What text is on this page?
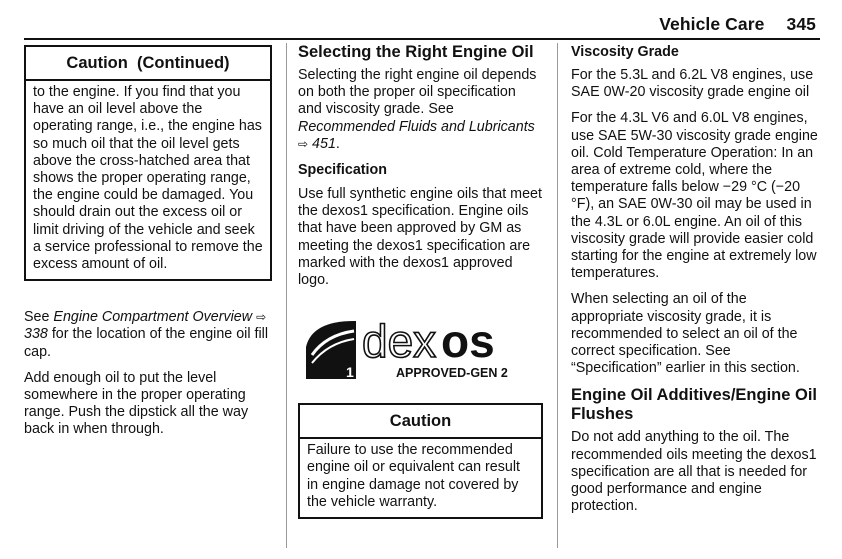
Vehicle Care 345
Caution  (Continued)
to the engine. If you find that you have an oil level above the operating range, i.e., the engine has so much oil that the oil level gets above the cross-hatched area that shows the proper operating range, the engine could be damaged. You should drain out the excess oil or limit driving of the vehicle and seek a service professional to remove the excess amount of oil.

See Engine Compartment Overview ⇨ 338 for the location of the engine oil fill cap.

Add enough oil to put the level somewhere in the proper operating range. Push the dipstick all the way back in when through.

Selecting the Right Engine Oil

Selecting the right engine oil depends on both the proper oil specification and viscosity grade. See Recommended Fluids and Lubricants ⇨ 451.

Specification

Use full synthetic engine oils that meet the dexos1 specification. Engine oils that have been approved by GM as meeting the dexos1 specification are marked with the dexos1 approved logo.

1
dex os
APPROVED-GEN 2
Caution
Failure to use the recommended engine oil or equivalent can result in engine damage not covered by the vehicle warranty.
Viscosity Grade

For the 5.3L and 6.2L V8 engines, use SAE 0W-20 viscosity grade engine oil

For the 4.3L V6 and 6.0L V8 engines, use SAE 5W-30 viscosity grade engine oil. Cold Temperature Operation: In an area of extreme cold, where the temperature falls below −29 °C (−20 °F), an SAE 0W-30 oil may be used in the 4.3L or 6.0L engine. An oil of this viscosity grade will provide easier cold starting for the engine at extremely low temperatures.

When selecting an oil of the appropriate viscosity grade, it is recommended to select an oil of the correct specification. See “Specification” earlier in this section.

Engine Oil Additives/Engine Oil Flushes

Do not add anything to the oil. The recommended oils meeting the dexos1 specification are all that is needed for good performance and engine protection.
